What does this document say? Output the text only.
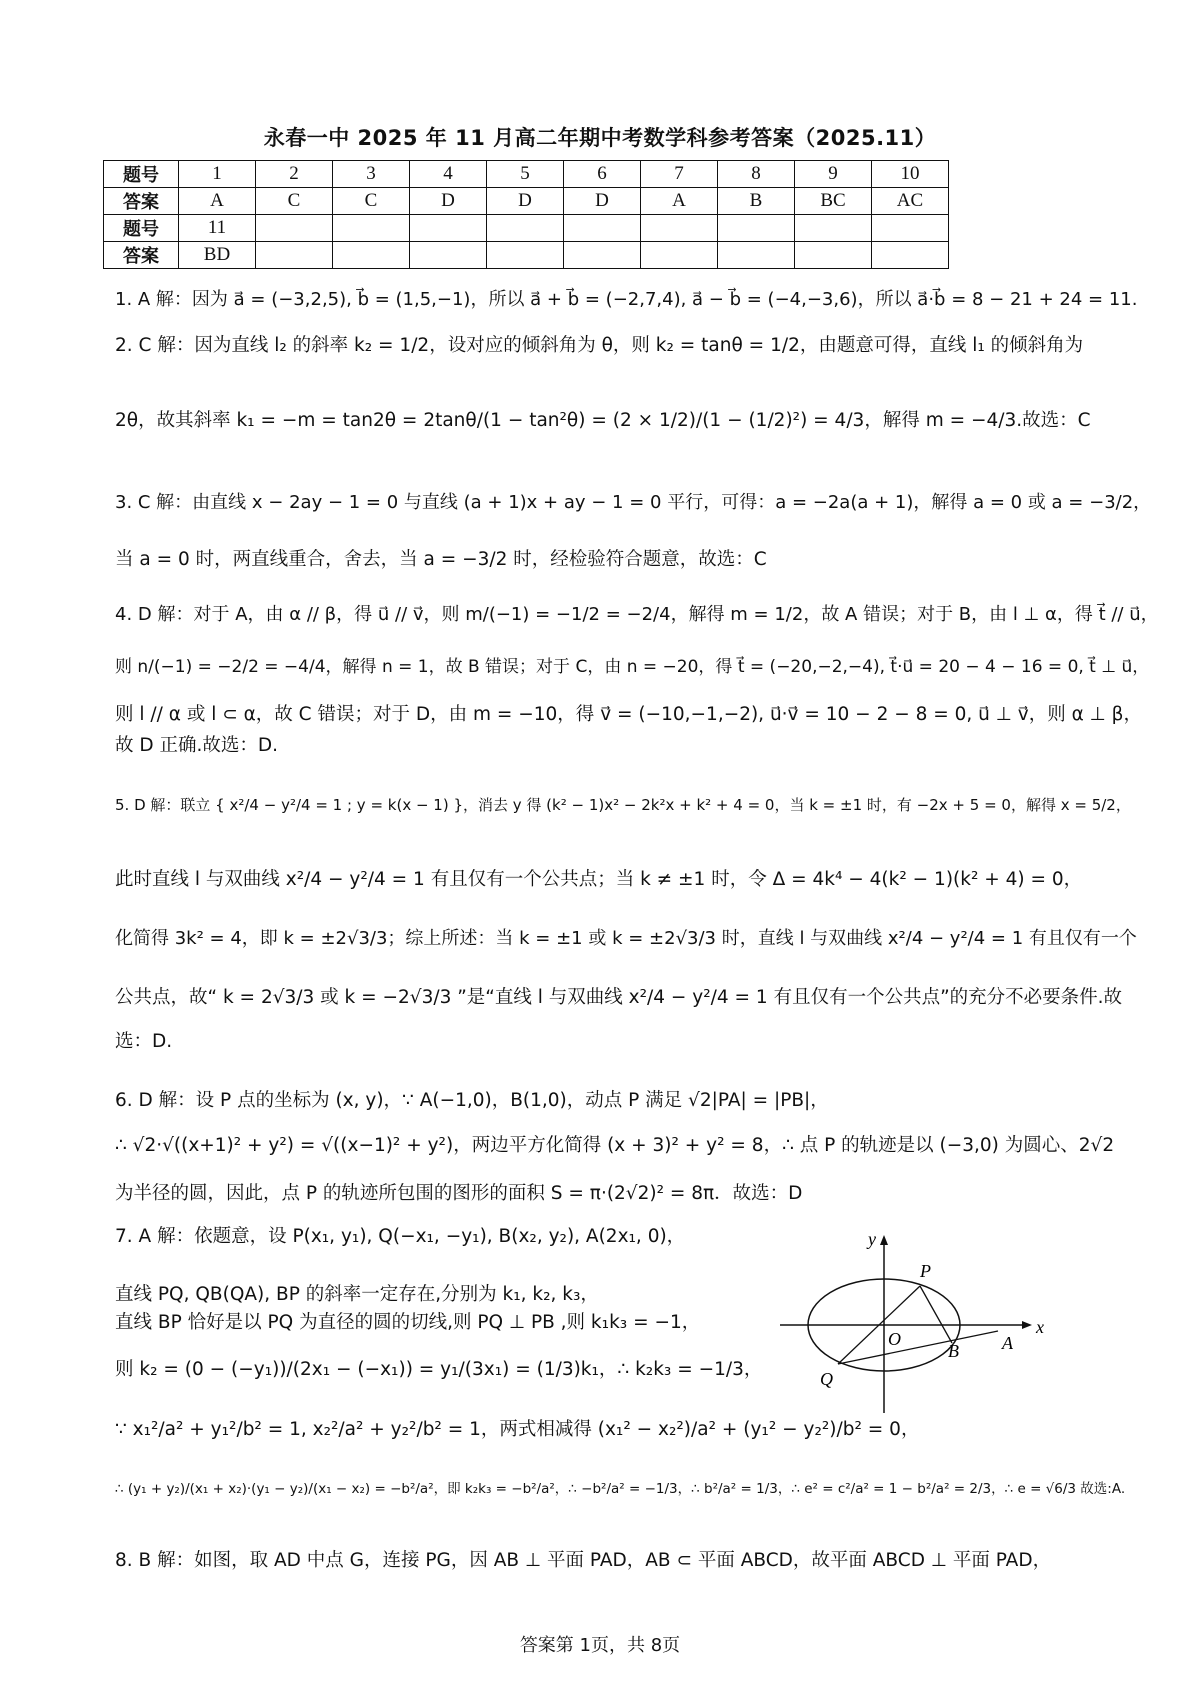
永春一中 2025 年 11 月高二年期中考数学科参考答案（2025.11）
题号	1	2	3	4	5	6	7	8	9	10
答案	A	C	C	D	D	D	A	B	BC	AC
题号	11									
答案	BD									
1. A 解：因为 a⃗ = (−3,2,5), b⃗ = (1,5,−1)，所以 a⃗ + b⃗ = (−2,7,4), a⃗ − b⃗ = (−4,−3,6)，所以 a⃗·b⃗ = 8 − 21 + 24 = 11.
2. C 解：因为直线 l₂ 的斜率 k₂ = 1/2，设对应的倾斜角为 θ，则 k₂ = tanθ = 1/2，由题意可得，直线 l₁ 的倾斜角为
2θ，故其斜率 k₁ = −m = tan2θ = 2tanθ/(1 − tan²θ) = (2 × 1/2)/(1 − (1/2)²) = 4/3，解得 m = −4/3.故选：C
3. C 解：由直线 x − 2ay − 1 = 0 与直线 (a + 1)x + ay − 1 = 0 平行，可得：a = −2a(a + 1)，解得 a = 0 或 a = −3/2，
当 a = 0 时，两直线重合，舍去，当 a = −3/2 时，经检验符合题意，故选：C
4. D 解：对于 A，由 α // β，得 u⃗ // v⃗，则 m/(−1) = −1/2 = −2/4，解得 m = 1/2，故 A 错误；对于 B，由 l ⊥ α，得 t⃗ // u⃗，
则 n/(−1) = −2/2 = −4/4，解得 n = 1，故 B 错误；对于 C，由 n = −20，得 t⃗ = (−20,−2,−4), t⃗·u⃗ = 20 − 4 − 16 = 0, t⃗ ⊥ u⃗，
则 l // α 或 l ⊂ α，故 C 错误；对于 D，由 m = −10，得 v⃗ = (−10,−1,−2), u⃗·v⃗ = 10 − 2 − 8 = 0, u⃗ ⊥ v⃗，则 α ⊥ β，
故 D 正确.故选：D.
5. D 解：联立 { x²/4 − y²/4 = 1 ; y = k(x − 1) }，消去 y 得 (k² − 1)x² − 2k²x + k² + 4 = 0，当 k = ±1 时，有 −2x + 5 = 0，解得 x = 5/2，
此时直线 l 与双曲线 x²/4 − y²/4 = 1 有且仅有一个公共点；当 k ≠ ±1 时，令 Δ = 4k⁴ − 4(k² − 1)(k² + 4) = 0，
化简得 3k² = 4，即 k = ±2√3/3；综上所述：当 k = ±1 或 k = ±2√3/3 时，直线 l 与双曲线 x²/4 − y²/4 = 1 有且仅有一个
公共点，故“ k = 2√3/3 或 k = −2√3/3 ”是“直线 l 与双曲线 x²/4 − y²/4 = 1 有且仅有一个公共点”的充分不必要条件.故
选：D.
6. D 解：设 P 点的坐标为 (x, y)，∵ A(−1,0)，B(1,0)，动点 P 满足 √2|PA| = |PB|，
∴ √2·√((x+1)² + y²) = √((x−1)² + y²)，两边平方化简得 (x + 3)² + y² = 8，∴ 点 P 的轨迹是以 (−3,0) 为圆心、2√2
为半径的圆，因此，点 P 的轨迹所包围的图形的面积 S = π·(2√2)² = 8π．故选：D
7. A 解：依题意，设 P(x₁, y₁), Q(−x₁, −y₁), B(x₂, y₂), A(2x₁, 0)，
直线 PQ, QB(QA), BP 的斜率一定存在,分别为 k₁, k₂, k₃，
直线 BP 恰好是以 PQ 为直径的圆的切线,则 PQ ⊥ PB ,则 k₁k₃ = −1，
则 k₂ = (0 − (−y₁))/(2x₁ − (−x₁)) = y₁/(3x₁) = (1/3)k₁，∴ k₂k₃ = −1/3，
∵ x₁²/a² + y₁²/b² = 1, x₂²/a² + y₂²/b² = 1，两式相减得 (x₁² − x₂²)/a² + (y₁² − y₂²)/b² = 0，
∴ (y₁ + y₂)/(x₁ + x₂)·(y₁ − y₂)/(x₁ − x₂) = −b²/a²，即 k₂k₃ = −b²/a²，∴ −b²/a² = −1/3，∴ b²/a² = 1/3，∴ e² = c²/a² = 1 − b²/a² = 2/3，∴ e = √6/3 故选:A.
8. B 解：如图，取 AD 中点 G，连接 PG，因 AB ⊥ 平面 PAD，AB ⊂ 平面 ABCD，故平面 ABCD ⊥ 平面 PAD，
y
x
P
O
B A
Q
答案第 1页，共 8页
